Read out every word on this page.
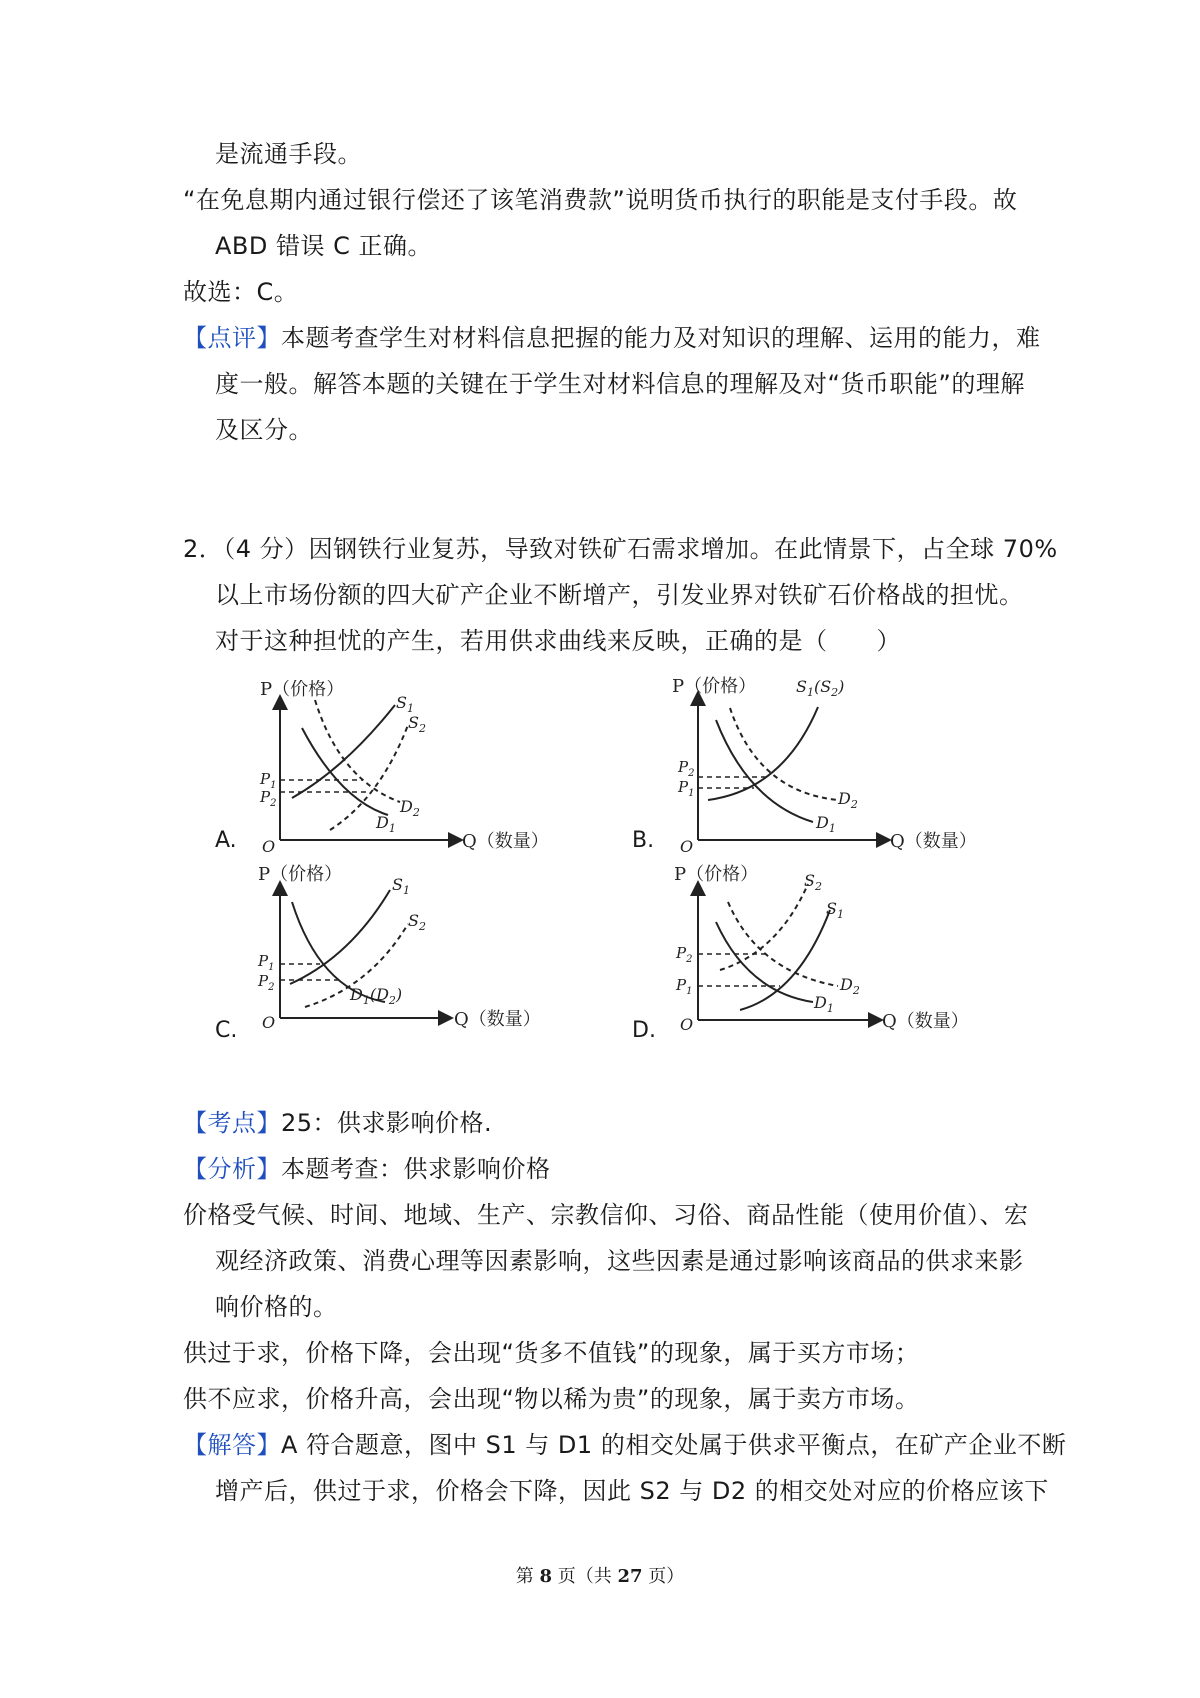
是流通手段。
“在免息期内通过银行偿还了该笔消费款”说明货币执行的职能是支付手段。故
ABD 错误 C 正确。
故选：C。
【点评】本题考查学生对材料信息把握的能力及对知识的理解、运用的能力，难
度一般。解答本题的关键在于学生对材料信息的理解及对“货币职能”的理解
及区分。
2．（4 分）因钢铁行业复苏，导致对铁矿石需求增加。在此情景下，占全球 70%
以上市场份额的四大矿产企业不断增产，引发业界对铁矿石价格战的担忧。
对于这种担忧的产生，若用供求曲线来反映，正确的是（　　）
A.
P（价格）
Q（数量）
O
$S_1$
$S_2$
$D_2$
$D_1$
$P_1$
$P_2$
B.
P（价格）
Q（数量）
O
$S_1(S_2)$
$D_2$
$D_1$
$P_2$
$P_1$
C.
P（价格）
Q（数量）
O
$S_1$
$S_2$
$D_1(D_2)$
$P_1$
$P_2$
D.
P（价格）
Q（数量）
O
$S_2$
$S_1$
$D_2$
$D_1$
$P_2$
$P_1$
【考点】25：供求影响价格.
【分析】本题考查：供求影响价格
价格受气候、时间、地域、生产、宗教信仰、习俗、商品性能（使用价值）、宏
观经济政策、消费心理等因素影响，这些因素是通过影响该商品的供求来影
响价格的。
供过于求，价格下降，会出现“货多不值钱”的现象，属于买方市场；
供不应求，价格升高，会出现“物以稀为贵”的现象，属于卖方市场。
【解答】A 符合题意，图中 S1 与 D1 的相交处属于供求平衡点，在矿产企业不断
增产后，供过于求，价格会下降，因此 S2 与 D2 的相交处对应的价格应该下
第 8 页（共 27 页）
